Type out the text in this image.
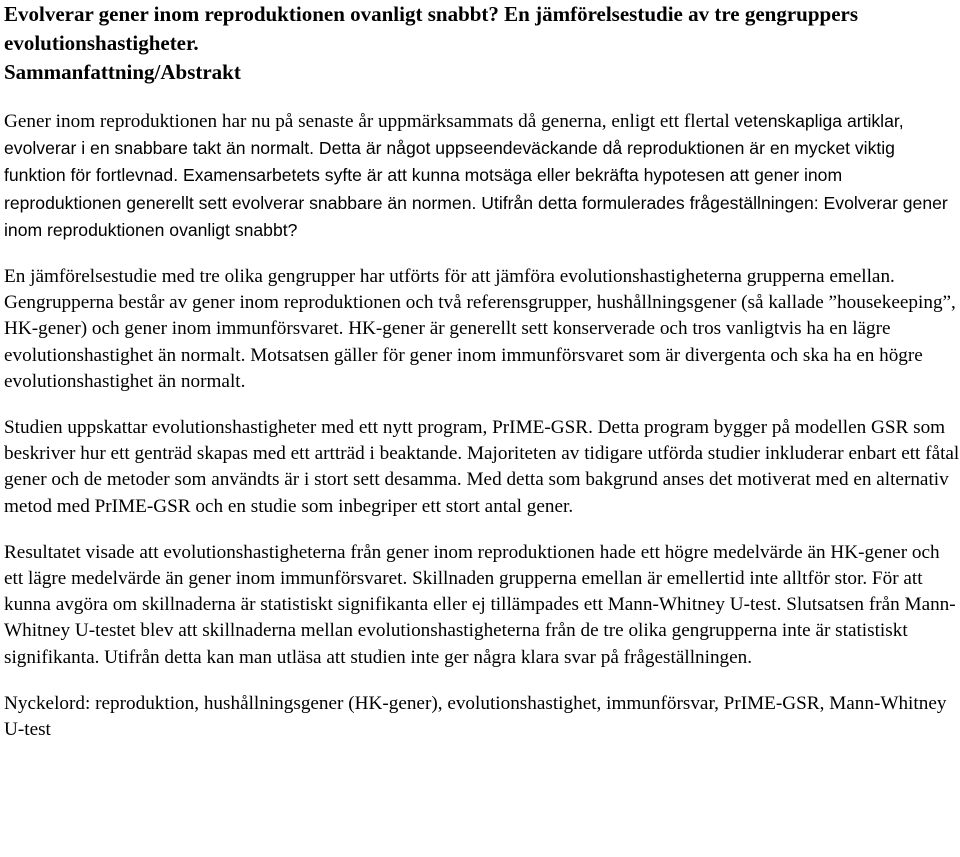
Evolverar gener inom reproduktionen ovanligt snabbt? En jämförelsestudie av tre gengruppers evolutionshastigheter.
Sammanfattning/Abstrakt

Gener inom reproduktionen har nu på senaste år uppmärksammats då generna, enligt ett flertal vetenskapliga artiklar, evolverar i en snabbare takt än normalt. Detta är något uppseendeväckande då reproduktionen är en mycket viktig funktion för fortlevnad. Examensarbetets syfte är att kunna motsäga eller bekräfta hypotesen att gener inom reproduktionen generellt sett evolverar snabbare än normen. Utifrån detta formulerades frågeställningen: Evolverar gener inom reproduktionen ovanligt snabbt?

En jämförelsestudie med tre olika gengrupper har utförts för att jämföra evolutionshastigheterna grupperna emellan. Gengrupperna består av gener inom reproduktionen och två referensgrupper, hushållningsgener (så kallade ”housekeeping”, HK-gener) och gener inom immunförsvaret. HK-gener är generellt sett konserverade och tros vanligtvis ha en lägre evolutionshastighet än normalt. Motsatsen gäller för gener inom immunförsvaret som är divergenta och ska ha en högre evolutionshastighet än normalt.

Studien uppskattar evolutionshastigheter med ett nytt program, PrIME-GSR. Detta program bygger på modellen GSR som beskriver hur ett genträd skapas med ett artträd i beaktande. Majoriteten av tidigare utförda studier inkluderar enbart ett fåtal gener och de metoder som användts är i stort sett desamma. Med detta som bakgrund anses det motiverat med en alternativ metod med PrIME-GSR och en studie som inbegriper ett stort antal gener.

Resultatet visade att evolutionshastigheterna från gener inom reproduktionen hade ett högre medelvärde än HK-gener och ett lägre medelvärde än gener inom immunförsvaret. Skillnaden grupperna emellan är emellertid inte alltför stor. För att kunna avgöra om skillnaderna är statistiskt signifikanta eller ej tillämpades ett Mann-Whitney U-test. Slutsatsen från Mann-Whitney U-testet blev att skillnaderna mellan evolutionshastigheterna från de tre olika gengrupperna inte är statistiskt signifikanta. Utifrån detta kan man utläsa att studien inte ger några klara svar på frågeställningen.

Nyckelord: reproduktion, hushållningsgener (HK-gener), evolutionshastighet, immunförsvar, PrIME-GSR, Mann-Whitney U-test
